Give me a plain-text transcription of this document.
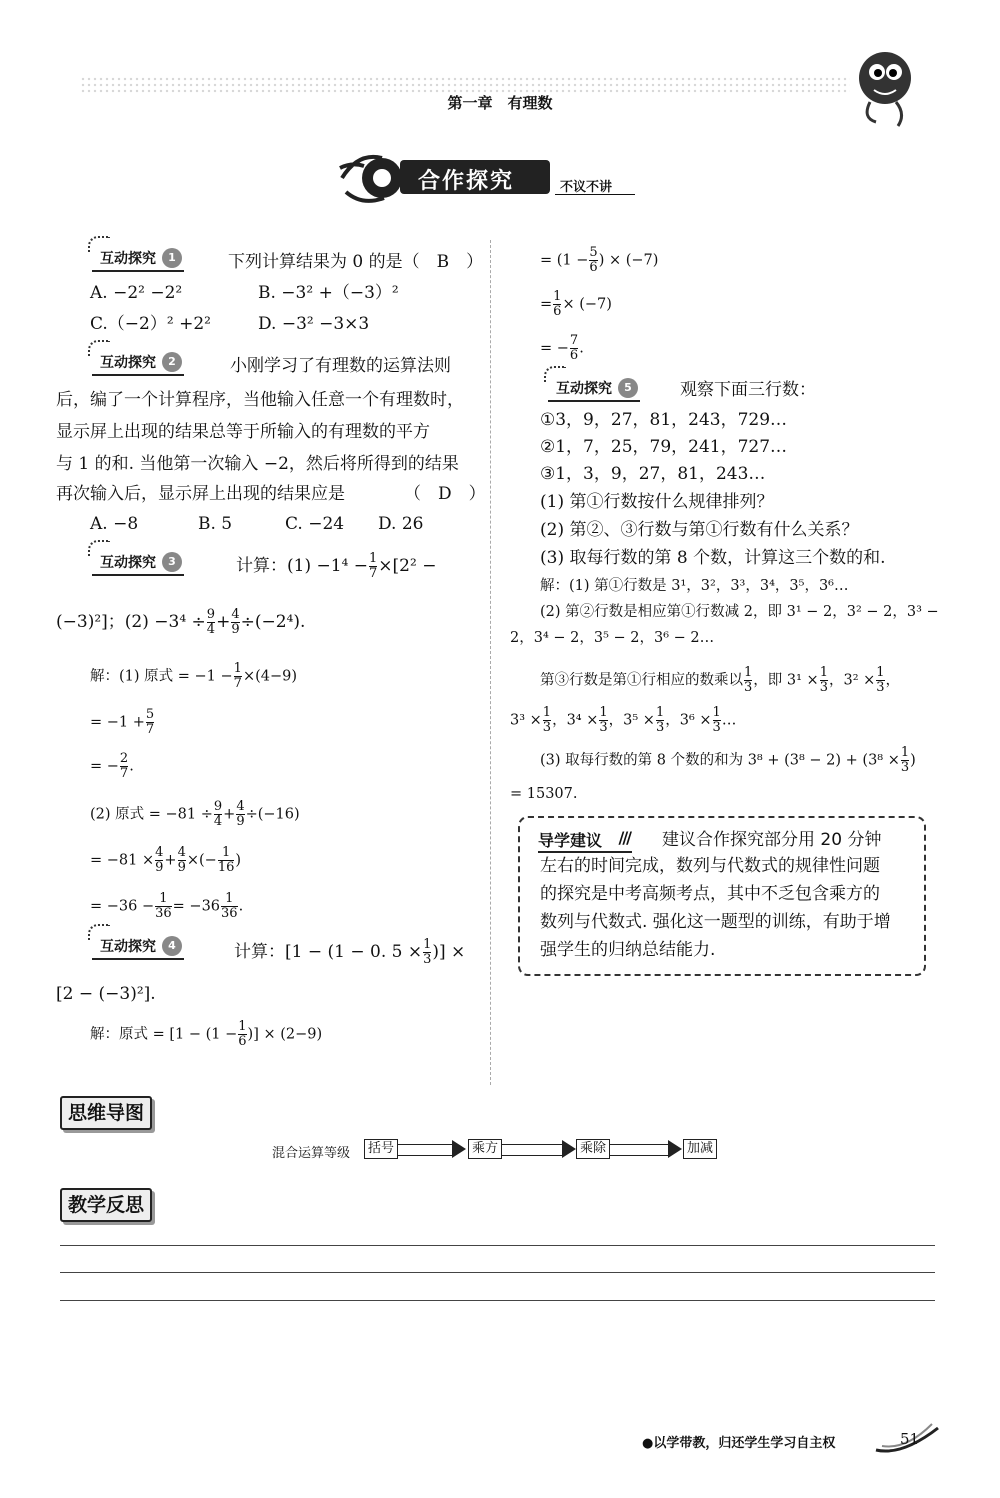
第一章　有理数
合作探究	不议不讲
互动探究	1	下列计算结果为 0 的是（　B　）
A. −2² −2²	B. −3² +（−3）²
C.（−2）² +2²	D. −3² −3×3
互动探究	2	小刚学习了有理数的运算法则
后，编了一个计算程序，当他输入任意一个有理数时，
显示屏上出现的结果总等于所输入的有理数的平方
与 1 的和. 当他第一次输入 −2，然后将所得到的结果
再次输入后，显示屏上出现的结果应是	（　D　）
A. −8	B. 5	C. −24 D. 26
互动探究	3	计算：$(1) -1^4 - \frac{1}{7} \times[2^2$ −
(−3)²]；$(2) -3^4 \div \frac{9}{4} + \frac{4}{9} \div(-2^4)$.
解：(1) 原式 = $-1 - \frac{1}{7} \times(4-9)$
= $-1 + \frac{5}{7}$
= − $\frac{2}{7}$ .
(2) 原式 = $-81 \div \frac{9}{4} + \frac{4}{9} \div(-16)$
= $-81 \times \frac{4}{9} + \frac{4}{9}$ ×(− $\frac{1}{16}$ )
= $-36 - \frac{1}{36} = -36 \frac{1}{36}$ .
互动探究	4	计算：[1 − (1 − 0. $5 \times \frac{1}{3}$ )] ×
[2 − (−3)²].
解：原式 = [$1 - (1 - \frac{1}{6}$ )] × (2−9)
= ($1 - \frac{5}{6}$ ) × (−7)
= $\frac{1}{6} \times (-7)$
= − $\frac{7}{6}$ .
互动探究	5	观察下面三行数：
①3，9，27，81，243，729…
②1，7，25，79，241，727…
③1，3，9，27，81，243…
(1) 第①行数按什么规律排列？
(2) 第②、③行数与第①行数有什么关系？
(3) 取每行数的第 8 个数，计算这三个数的和.
解：(1) 第①行数是 3¹，3²，3³，3⁴，3⁵，3⁶…
(2) 第②行数是相应第①行数减 2，即 3¹ − 2，3² − 2，3³ −
2，3⁴ − 2，3⁵ − 2，3⁶ − 2…
第③行数是第①行相应的数乘以 $\frac{1}{3}$ ，即 $3^1 \times \frac{1}{3}$ ，$3^2 \times \frac{1}{3}$ ，
$3^3 \times \frac{1}{3}$ ，$3^4 \times \frac{1}{3}$ ，$3^5 \times \frac{1}{3}$ ，$3^6 \times \frac{1}{3}$ …
(3) 取每行数的第 8 个数的和为 $3^8 + (3^8 - 2) + (3^8 \times \frac{1}{3}$ )
= 15307.
导学建议 /// 建议合作探究部分用 20 分钟
左右的时间完成，数列与代数式的规律性问题
的探究是中考高频考点，其中不乏包含乘方的
数列与代数式. 强化这一题型的训练，有助于增
强学生的归纳总结能力.
思维导图
混合运算等级	括号	乘方	乘除	加减
教学反思
●以学带教，归还学生学习自主权	51
